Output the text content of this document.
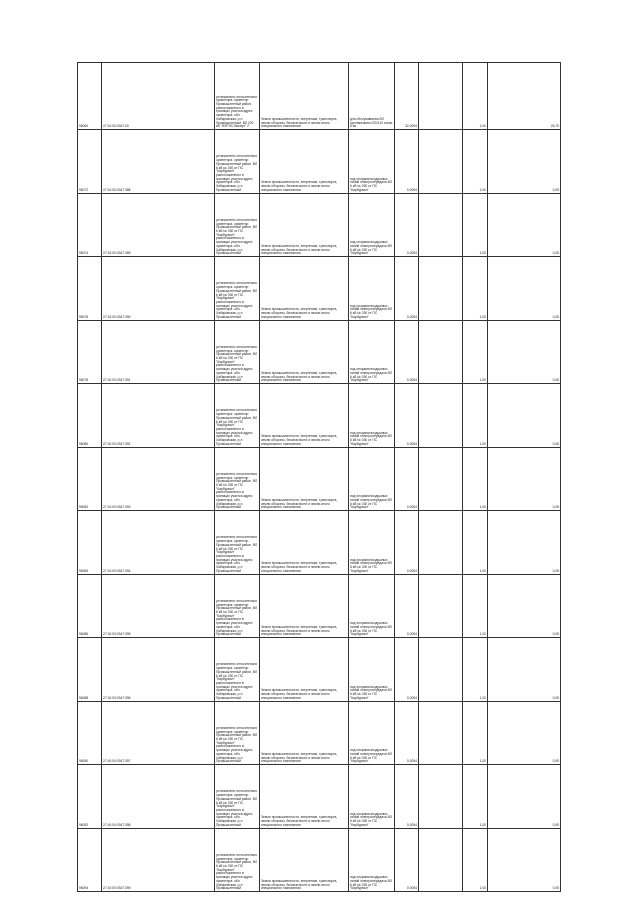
96060	27:10:00:0347:00	установлено относительно ориентира: ориентир Промышленный район, расположенного в границах участка адрес ориентира: обл. Хабаровская, р-н Промышленный, ВЛ 220 кВ "НХРЭС-Викарт" 2	Земли промышленности, энергетики, транспорта, земли обороны, безопасности и земли иного специального назначения	для обслуживания ВЛ протяжением 220/110 и/или б кв	32,0054		1,00	26,70
96072	27:10:00:0347:388	установлено относительно ориентира: ориентир Промышленный район, ВЛ 6 кВ № 030 от ПС "Карбурвал" расположенного в границах участка адрес ориентира: обл. Хабаровская, р-н Промышленный	Земли промышленности, энергетики, транспорта, земли обороны, безопасности и земли иного специального назначения	под опорами воздушных линий электропередачи ВЛ 6 кВ № 030 от ПС "Карбурвал"	0,0054		1,00	0,05
96074	27:10:00:0347:389	установлено относительно ориентира: ориентир Промышленный район, ВЛ 6 кВ № 030 от ПС "Карбурвал" расположенного в границах участка адрес ориентира: обл. Хабаровская, р-н Промышленный	Земли промышленности, энергетики, транспорта, земли обороны, безопасности и земли иного специального назначения	под опорами воздушных линий электропередачи ВЛ 6 кВ № 030 от ПС "Карбурвал"	0,0054		1,00	0,05
96076	27:10:00:0347:390	установлено относительно ориентира: ориентир Промышленный район, ВЛ 6 кВ № 030 от ПС "Карбурвал" расположенного в границах участка адрес ориентира: обл. Хабаровская, р-н Промышленный	Земли промышленности, энергетики, транспорта, земли обороны, безопасности и земли иного специального назначения	под опорами воздушных линий электропередачи ВЛ 6 кВ № 030 от ПС "Карбурвал"	0,0054		1,00	0,05
96078	27:10:00:0347:391	установлено относительно ориентира: ориентир Промышленный район, ВЛ 6 кВ № 030 от ПС "Карбурвал" расположенного в границах участка адрес ориентира: обл. Хабаровская, р-н Промышленный	Земли промышленности, энергетики, транспорта, земли обороны, безопасности и земли иного специального назначения	под опорами воздушных линий электропередачи ВЛ 6 кВ № 030 от ПС "Карбурвал"	0,0054		1,00	0,05
96080	27:10:00:0347:392	установлено относительно ориентира: ориентир Промышленный район, ВЛ 6 кВ № 030 от ПС "Карбурвал" расположенного в границах участка адрес ориентира: обл. Хабаровская, р-н Промышленный	Земли промышленности, энергетики, транспорта, земли обороны, безопасности и земли иного специального назначения	под опорами воздушных линий электропередачи ВЛ 6 кВ № 030 от ПС "Карбурвал"	0,0054		1,00	0,05
96082	27:10:00:0347:393	установлено относительно ориентира: ориентир Промышленный район, ВЛ 6 кВ № 030 от ПС "Карбурвал" расположенного в границах участка адрес ориентира: обл. Хабаровская, р-н Промышленный	Земли промышленности, энергетики, транспорта, земли обороны, безопасности и земли иного специального назначения	под опорами воздушных линий электропередачи ВЛ 6 кВ № 030 от ПС "Карбурвал"	0,0054		1,00	0,05
96084	27:10:00:0347:394	установлено относительно ориентира: ориентир Промышленный район, ВЛ 6 кВ № 030 от ПС "Карбурвал" расположенного в границах участка адрес ориентира: обл. Хабаровская, р-н Промышленный	Земли промышленности, энергетики, транспорта, земли обороны, безопасности и земли иного специального назначения	под опорами воздушных линий электропередачи ВЛ 6 кВ № 030 от ПС "Карбурвал"	0,0054		1,00	0,05
96086	27:10:00:0347:395	установлено относительно ориентира: ориентир Промышленный район, ВЛ 6 кВ № 030 от ПС "Карбурвал" расположенного в границах участка адрес ориентира: обл. Хабаровская, р-н Промышленный	Земли промышленности, энергетики, транспорта, земли обороны, безопасности и земли иного специального назначения	под опорами воздушных линий электропередачи ВЛ 6 кВ № 030 от ПС "Карбурвал"	0,0054		1,00	0,05
96088	27:10:00:0347:396	установлено относительно ориентира: ориентир Промышленный район, ВЛ 6 кВ № 030 от ПС "Карбурвал" расположенного в границах участка адрес ориентира: обл. Хабаровская, р-н Промышленный	Земли промышленности, энергетики, транспорта, земли обороны, безопасности и земли иного специального назначения	под опорами воздушных линий электропередачи ВЛ 6 кВ № 030 от ПС "Карбурвал"	0,0054		1,00	0,05
96090	27:10:00:0347:397	установлено относительно ориентира: ориентир Промышленный район, ВЛ 6 кВ № 030 от ПС "Карбурвал" расположенного в границах участка адрес ориентира: обл. Хабаровская, р-н Промышленный	Земли промышленности, энергетики, транспорта, земли обороны, безопасности и земли иного специального назначения	под опорами воздушных линий электропередачи ВЛ 6 кВ № 030 от ПС "Карбурвал"	0,0054		1,00	0,05
96092	27:10:00:0347:398	установлено относительно ориентира: ориентир Промышленный район, ВЛ 6 кВ № 030 от ПС "Карбурвал" расположенного в границах участка адрес ориентира: обл. Хабаровская, р-н Промышленный	Земли промышленности, энергетики, транспорта, земли обороны, безопасности и земли иного специального назначения	под опорами воздушных линий электропередачи ВЛ 6 кВ № 030 от ПС "Карбурвал"	0,0054		1,00	0,05
96094	27:10:00:0347:399	установлено относительно ориентира: ориентир Промышленный район, ВЛ 6 кВ № 030 от ПС "Карбурвал" расположенного в границах участка адрес ориентира: обл. Хабаровская, р-н Промышленный	Земли промышленности, энергетики, транспорта, земли обороны, безопасности и земли иного специального назначения	под опорами воздушных линий электропередачи ВЛ 6 кВ № 030 от ПС "Карбурвал"	0,0054		1,00	0,05
